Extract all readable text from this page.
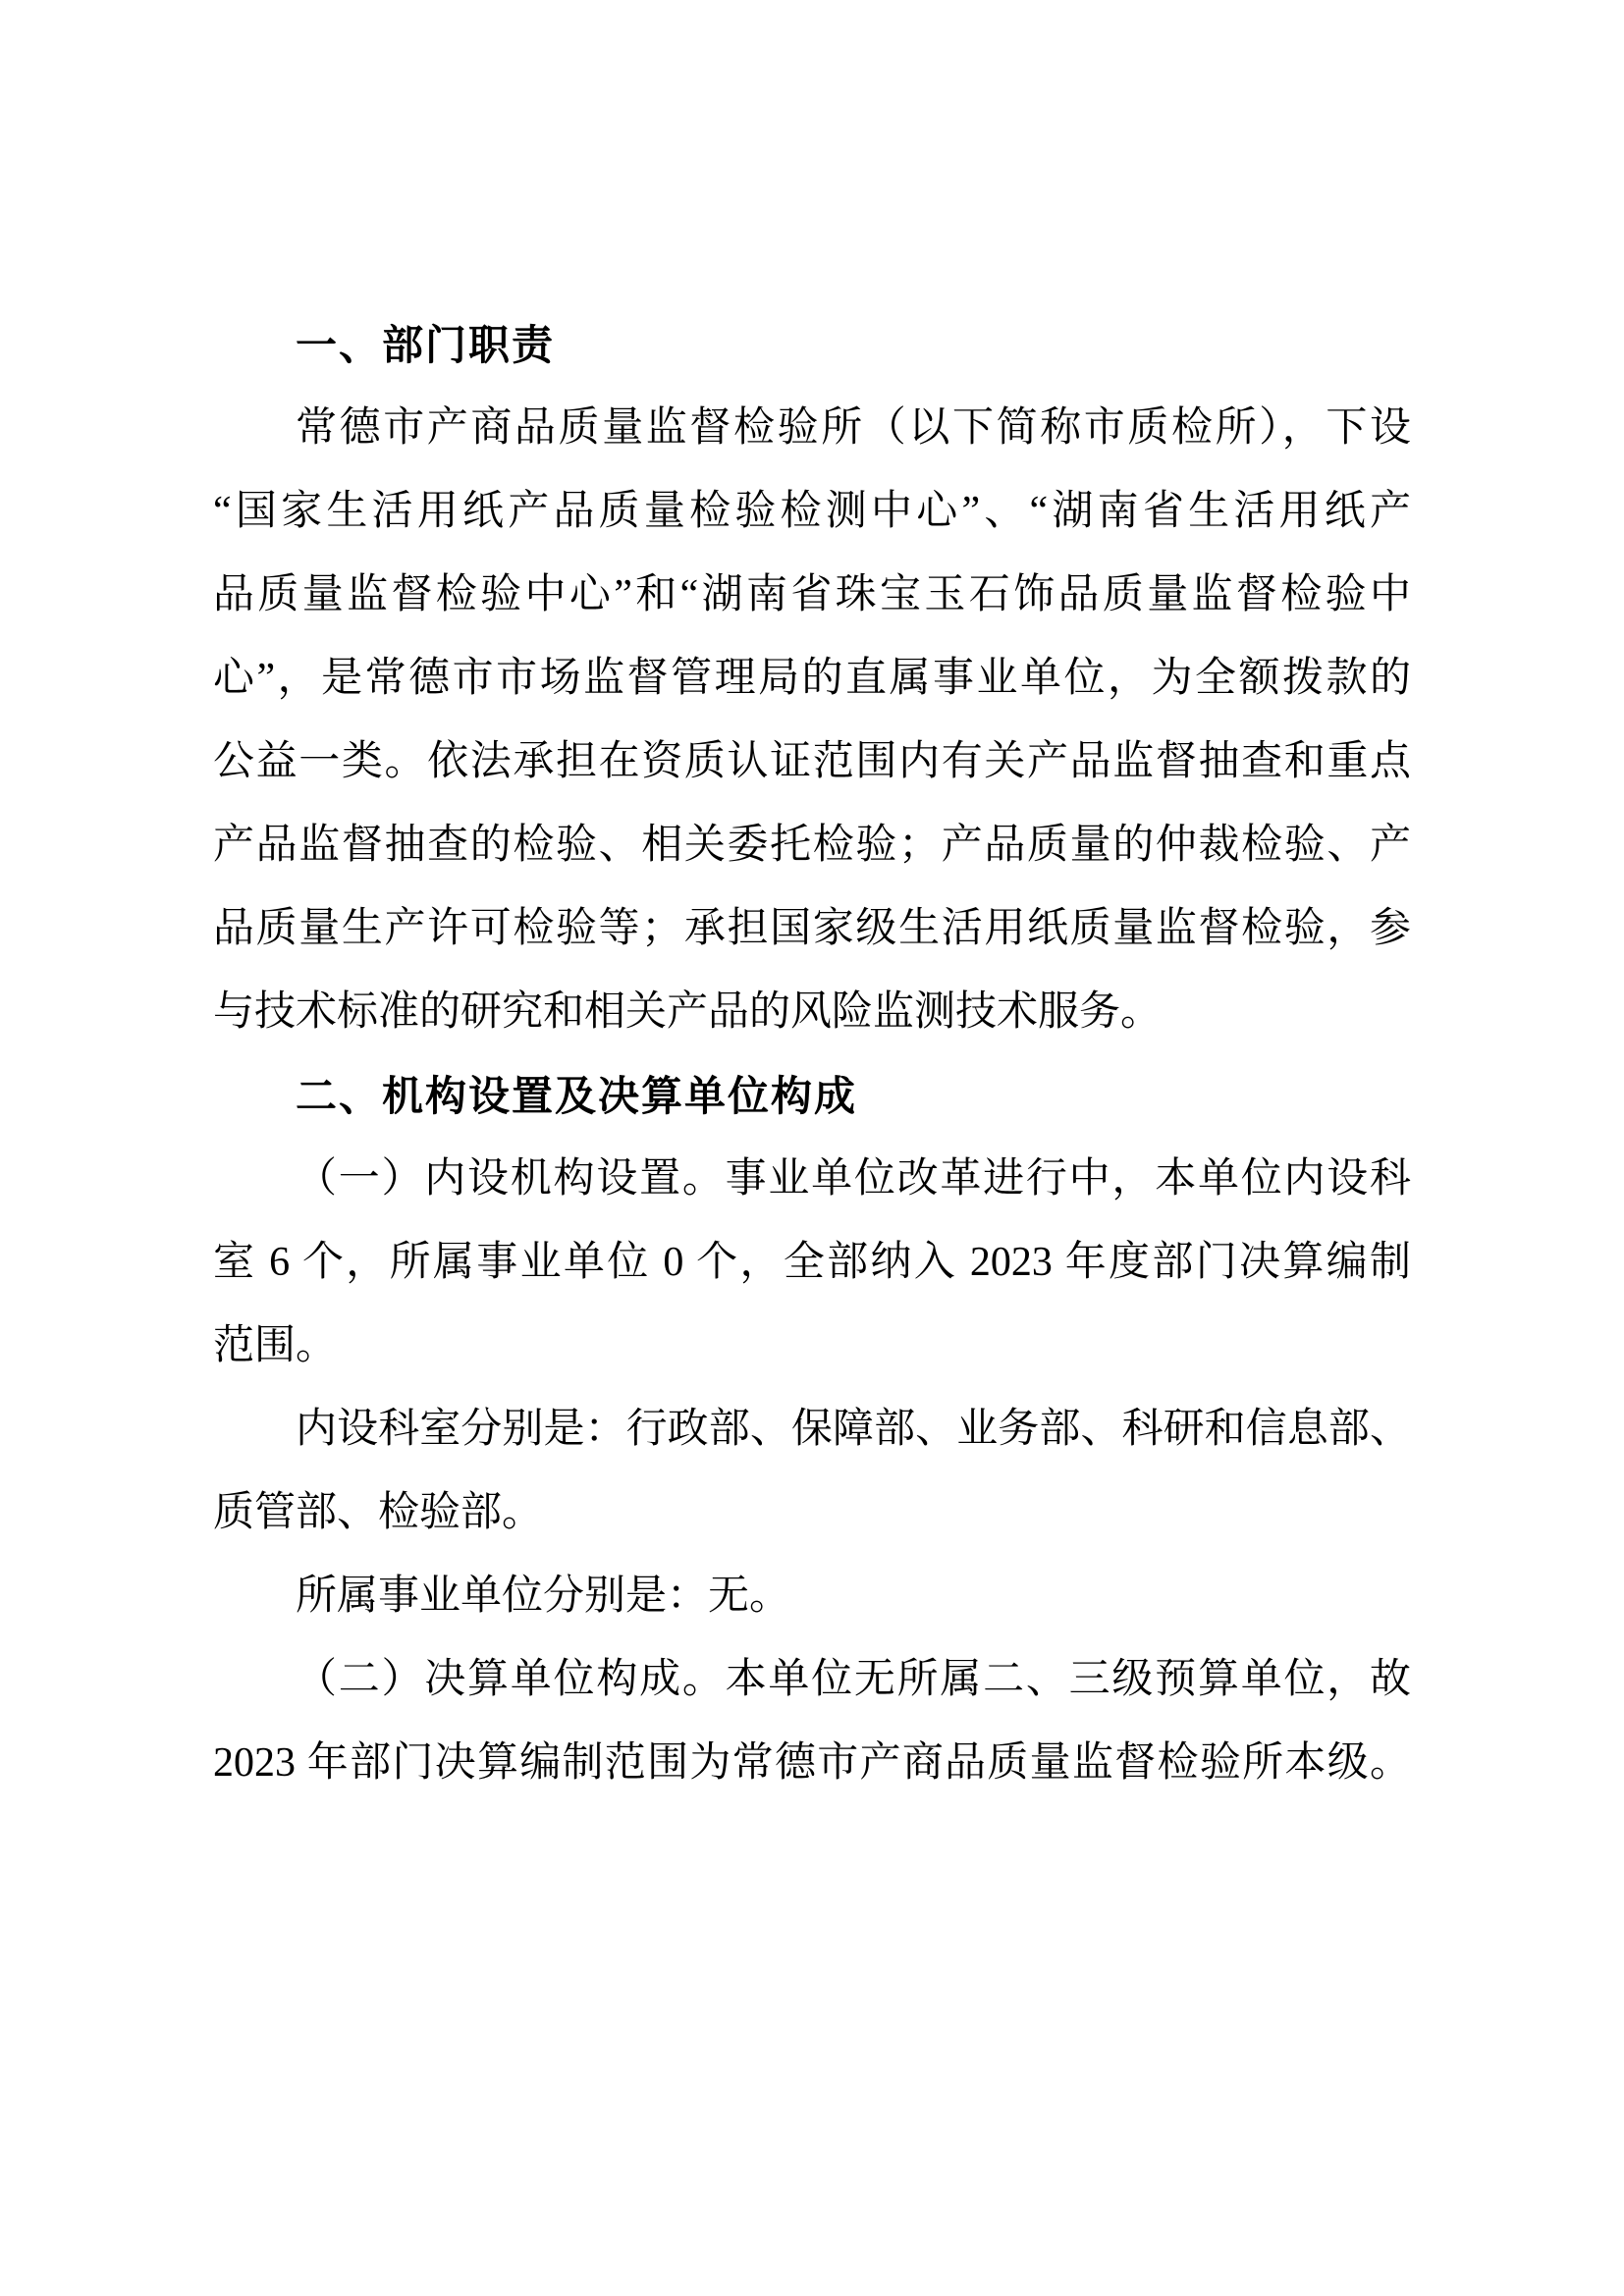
一、部门职责
常德市产商品质量监督检验所（以下简称市质检所），下设
“国家生活用纸产品质量检验检测中心”、“湖南省生活用纸产
品质量监督检验中心”和“湖南省珠宝玉石饰品质量监督检验中
心”，是常德市市场监督管理局的直属事业单位，为全额拨款的
公益一类。依法承担在资质认证范围内有关产品监督抽查和重点
产品监督抽查的检验、相关委托检验；产品质量的仲裁检验、产
品质量生产许可检验等；承担国家级生活用纸质量监督检验，参
与技术标准的研究和相关产品的风险监测技术服务。
二、机构设置及决算单位构成
（一）内设机构设置。事业单位改革进行中，本单位内设科
室 6 个，所属事业单位 0 个，全部纳入 2023 年度部门决算编制
范围。
内设科室分别是：行政部、保障部、业务部、科研和信息部、
质管部、检验部。
所属事业单位分别是：无。
（二）决算单位构成。本单位无所属二、三级预算单位，故
2023 年部门决算编制范围为常德市产商品质量监督检验所本级。
